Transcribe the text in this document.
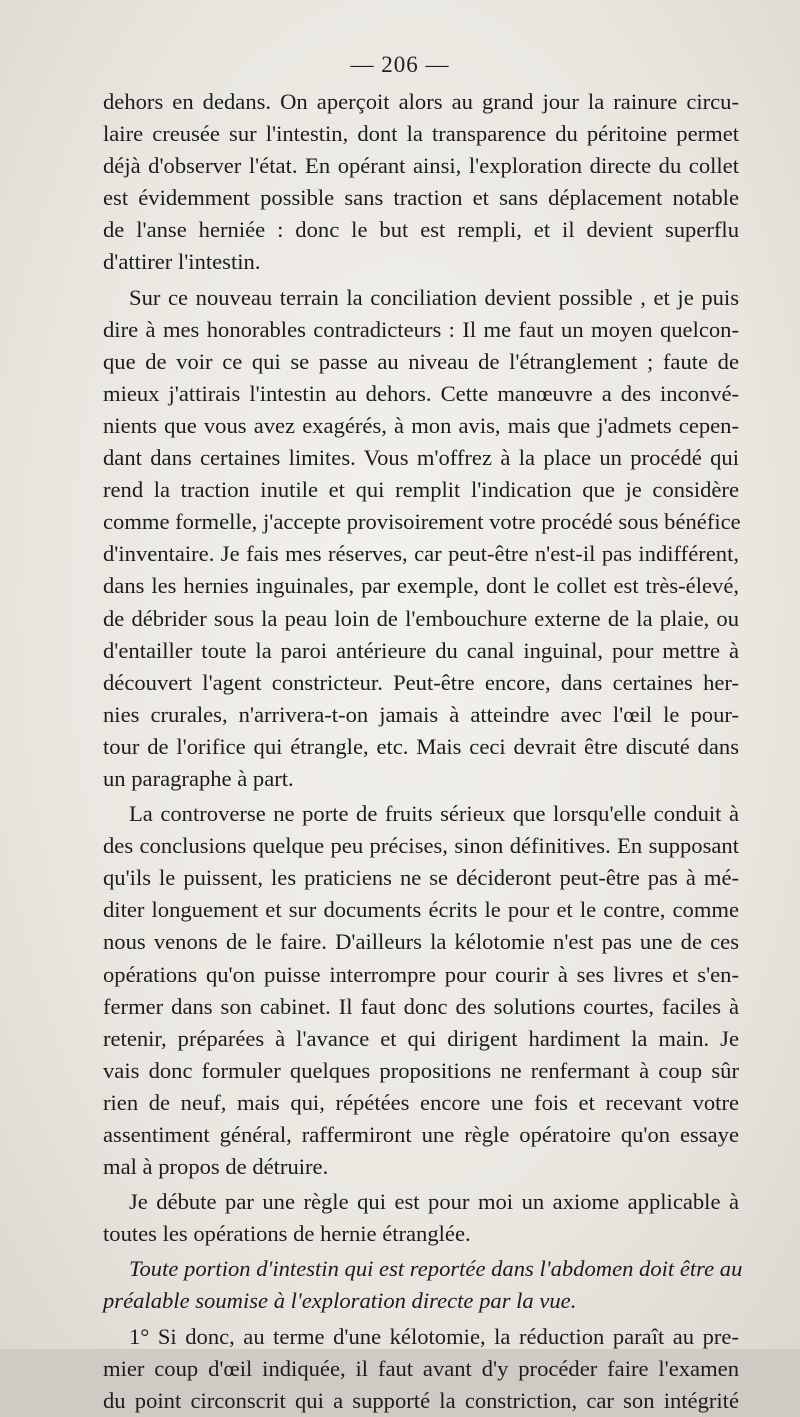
— 206 —
dehors en dedans. On aperçoit alors au grand jour la rainure circu-
laire creusée sur l'intestin, dont la transparence du péritoine permet
déjà d'observer l'état. En opérant ainsi, l'exploration directe du collet
est évidemment possible sans traction et sans déplacement notable
de l'anse herniée : donc le but est rempli, et il devient superflu
d'attirer l'intestin.
Sur ce nouveau terrain la conciliation devient possible , et je puis
dire à mes honorables contradicteurs : Il me faut un moyen quelcon-
que de voir ce qui se passe au niveau de l'étranglement ; faute de
mieux j'attirais l'intestin au dehors. Cette manœuvre a des inconvé-
nients que vous avez exagérés, à mon avis, mais que j'admets cepen-
dant dans certaines limites. Vous m'offrez à la place un procédé qui
rend la traction inutile et qui remplit l'indication que je considère
comme formelle, j'accepte provisoirement votre procédé sous bénéfice
d'inventaire. Je fais mes réserves, car peut-être n'est-il pas indifférent,
dans les hernies inguinales, par exemple, dont le collet est très-élevé,
de débrider sous la peau loin de l'embouchure externe de la plaie, ou
d'entailler toute la paroi antérieure du canal inguinal, pour mettre à
découvert l'agent constricteur. Peut-être encore, dans certaines her-
nies crurales, n'arrivera-t-on jamais à atteindre avec l'œil le pour-
tour de l'orifice qui étrangle, etc. Mais ceci devrait être discuté dans
un paragraphe à part.
La controverse ne porte de fruits sérieux que lorsqu'elle conduit à
des conclusions quelque peu précises, sinon définitives. En supposant
qu'ils le puissent, les praticiens ne se décideront peut-être pas à mé-
diter longuement et sur documents écrits le pour et le contre, comme
nous venons de le faire. D'ailleurs la kélotomie n'est pas une de ces
opérations qu'on puisse interrompre pour courir à ses livres et s'en-
fermer dans son cabinet. Il faut donc des solutions courtes, faciles à
retenir, préparées à l'avance et qui dirigent hardiment la main. Je
vais donc formuler quelques propositions ne renfermant à coup sûr
rien de neuf, mais qui, répétées encore une fois et recevant votre
assentiment général, raffermiront une règle opératoire qu'on essaye
mal à propos de détruire.
Je débute par une règle qui est pour moi un axiome applicable à
toutes les opérations de hernie étranglée.
Toute portion d'intestin qui est reportée dans l'abdomen doit être au
préalable soumise à l'exploration directe par la vue.
1° Si donc, au terme d'une kélotomie, la réduction paraît au pre-
mier coup d'œil indiquée, il faut avant d'y procéder faire l'examen
du point circonscrit qui a supporté la constriction, car son intégrité
